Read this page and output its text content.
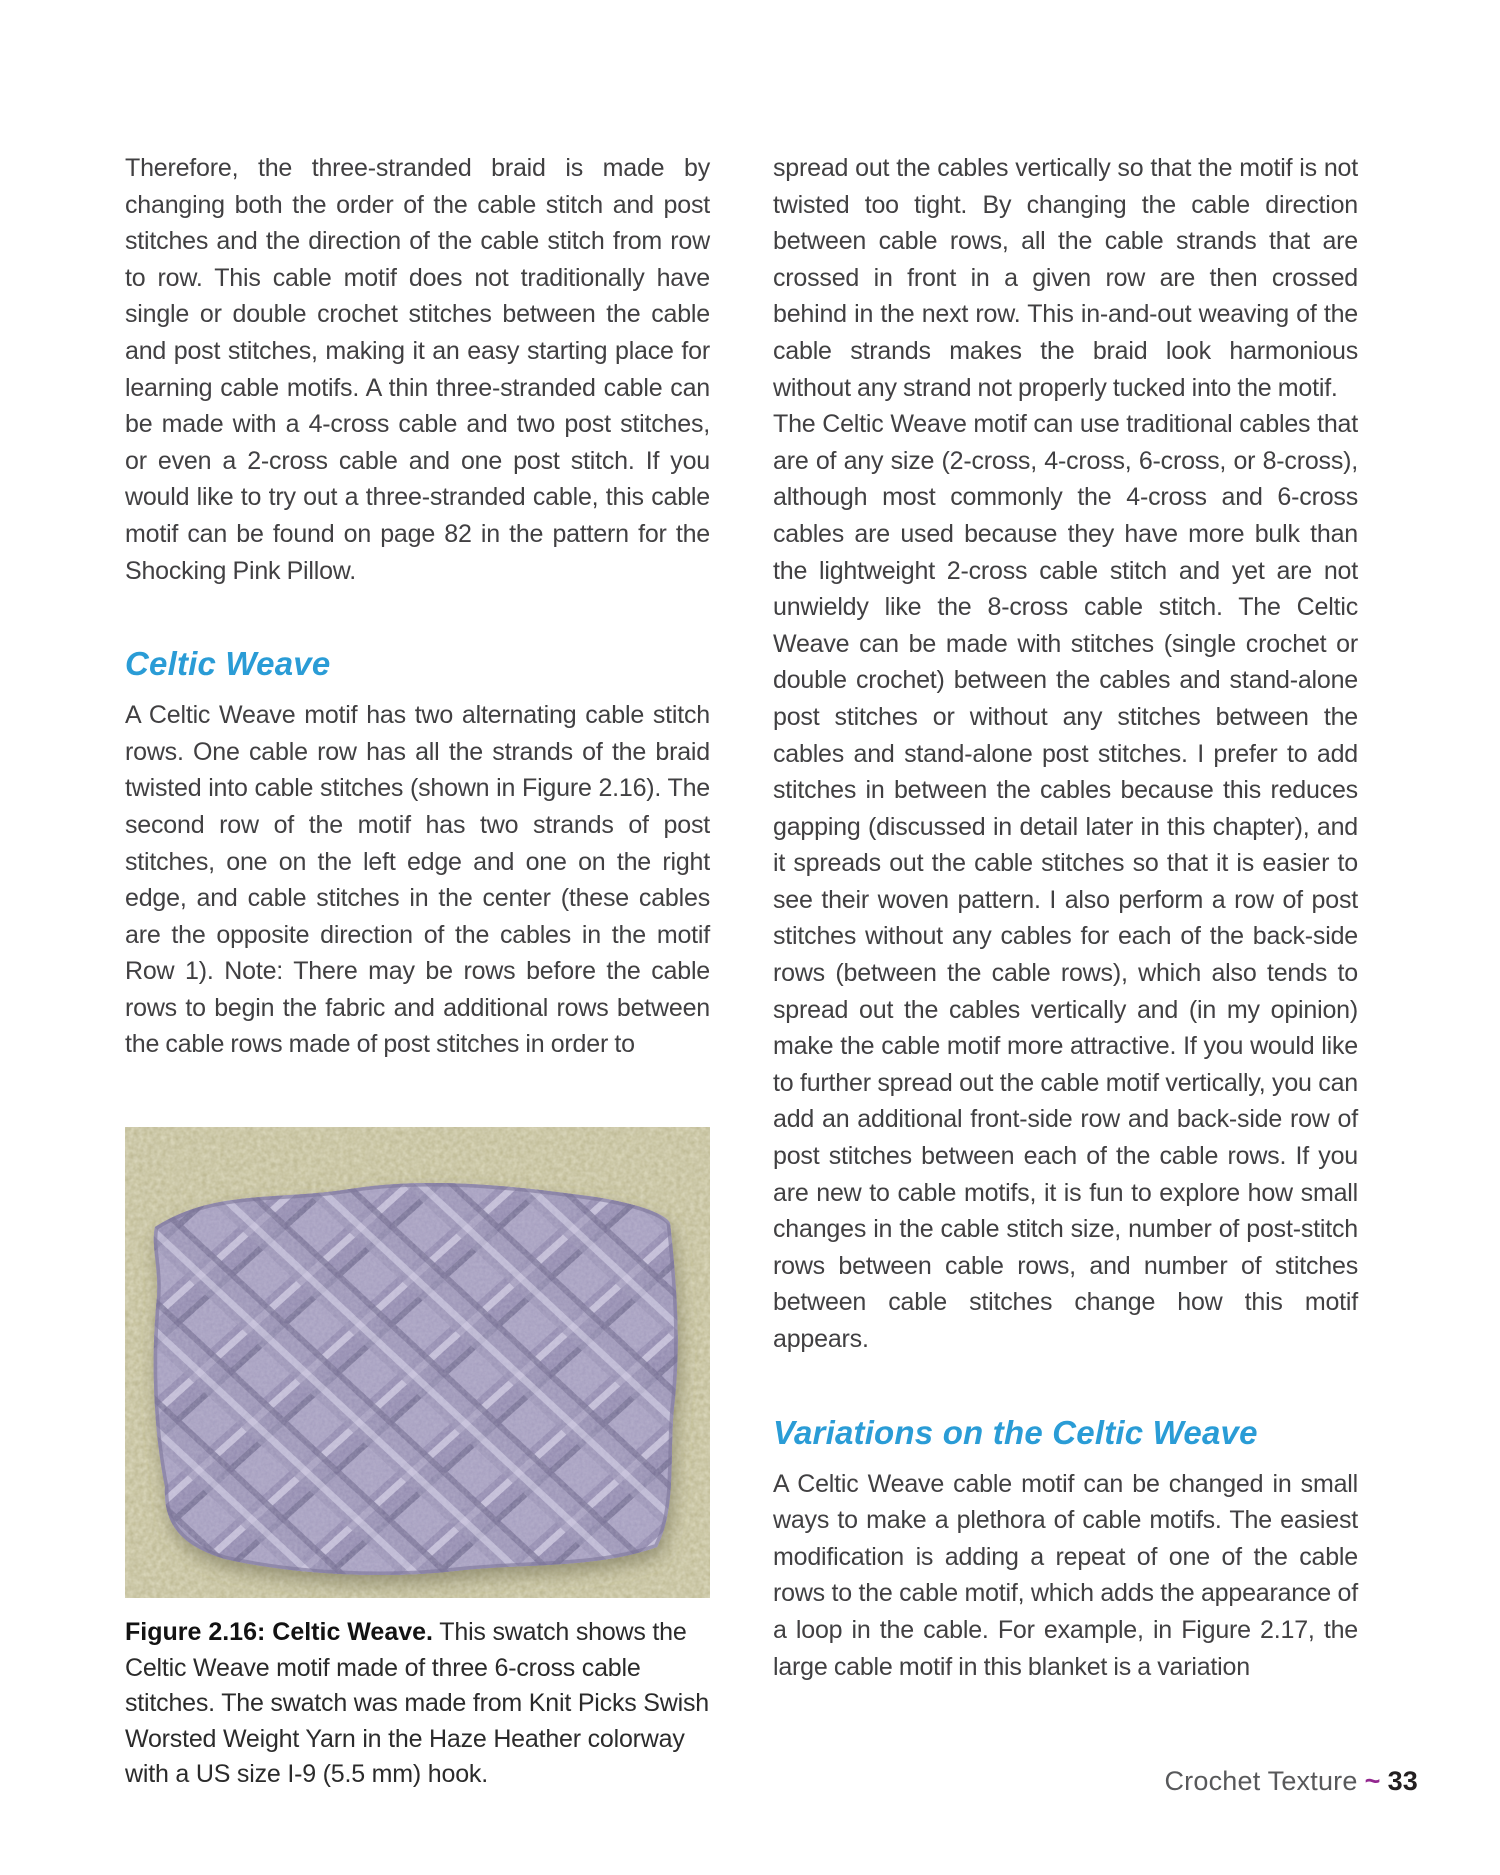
Therefore, the three-stranded braid is made by changing both the order of the cable stitch and post stitches and the direction of the cable stitch from row to row. This cable motif does not traditionally have single or double crochet stitches between the cable and post stitches, making it an easy starting place for learning cable motifs. A thin three-stranded cable can be made with a 4-cross cable and two post stitches, or even a 2-cross cable and one post stitch. If you would like to try out a three-stranded cable, this cable motif can be found on page 82 in the pattern for the Shocking Pink Pillow.

Celtic Weave

A Celtic Weave motif has two alternating cable stitch rows. One cable row has all the strands of the braid twisted into cable stitches (shown in Figure 2.16). The second row of the motif has two strands of post stitches, one on the left edge and one on the right edge, and cable stitches in the center (these cables are the opposite direction of the cables in the motif Row 1). Note: There may be rows before the cable rows to begin the fabric and additional rows between the cable rows made of post stitches in order to

Figure 2.16: Celtic Weave. This swatch shows the Celtic Weave motif made of three 6-cross cable stitches. The swatch was made from Knit Picks Swish Worsted Weight Yarn in the Haze Heather colorway with a US size I-9 (5.5 mm) hook.

spread out the cables vertically so that the motif is not twisted too tight. By changing the cable direction between cable rows, all the cable strands that are crossed in front in a given row are then crossed behind in the next row. This in-and-out weaving of the cable strands makes the braid look harmonious without any strand not properly tucked into the motif.

The Celtic Weave motif can use traditional cables that are of any size (2-cross, 4-cross, 6-cross, or 8-cross), although most commonly the 4-cross and 6-cross cables are used because they have more bulk than the lightweight 2-cross cable stitch and yet are not unwieldy like the 8-cross cable stitch. The Celtic Weave can be made with stitches (single crochet or double crochet) between the cables and stand-alone post stitches or without any stitches between the cables and stand-alone post stitches. I prefer to add stitches in between the cables because this reduces gapping (discussed in detail later in this chapter), and it spreads out the cable stitches so that it is easier to see their woven pattern. I also perform a row of post stitches without any cables for each of the back-side rows (between the cable rows), which also tends to spread out the cables vertically and (in my opinion) make the cable motif more attractive. If you would like to further spread out the cable motif vertically, you can add an additional front-side row and back-side row of post stitches between each of the cable rows. If you are new to cable motifs, it is fun to explore how small changes in the cable stitch size, number of post-stitch rows between cable rows, and number of stitches between cable stitches change how this motif appears.

Variations on the Celtic Weave

A Celtic Weave cable motif can be changed in small ways to make a plethora of cable motifs. The easiest modification is adding a repeat of one of the cable rows to the cable motif, which adds the appearance of a loop in the cable. For example, in Figure 2.17, the large cable motif in this blanket is a variation

Crochet Texture ~ 33
